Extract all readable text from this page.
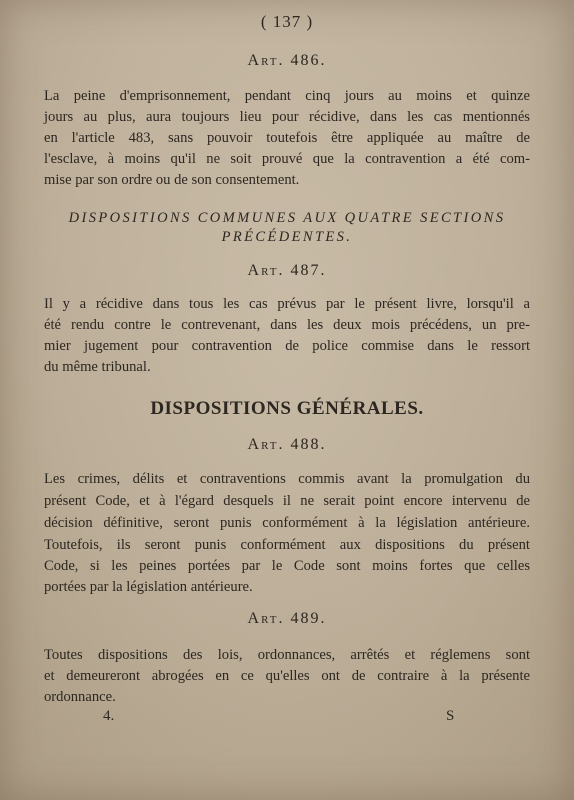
( 137 )
Art. 486.
La peine d'emprisonnement, pendant cinq jours au moins et quinze
jours au plus, aura toujours lieu pour récidive, dans les cas mentionnés
en l'article 483, sans pouvoir toutefois être appliquée au maître de
l'esclave, à moins qu'il ne soit prouvé que la contravention a été com-
mise par son ordre ou de son consentement.
DISPOSITIONS COMMUNES AUX QUATRE SECTIONS
PRÉCÉDENTES.
Art. 487.
Il y a récidive dans tous les cas prévus par le présent livre, lorsqu'il a
été rendu contre le contrevenant, dans les deux mois précédens, un pre-
mier jugement pour contravention de police commise dans le ressort
du même tribunal.
DISPOSITIONS GÉNÉRALES.
Art. 488.
Les crimes, délits et contraventions commis avant la promulgation du
présent Code, et à l'égard desquels il ne serait point encore intervenu de
décision définitive, seront punis conformément à la législation antérieure.
Toutefois, ils seront punis conformément aux dispositions du présent
Code, si les peines portées par le Code sont moins fortes que celles
portées par la législation antérieure.
Art. 489.
Toutes dispositions des lois, ordonnances, arrêtés et réglemens sont
et demeureront abrogées en ce qu'elles ont de contraire à la présente
ordonnance.
4.	S
